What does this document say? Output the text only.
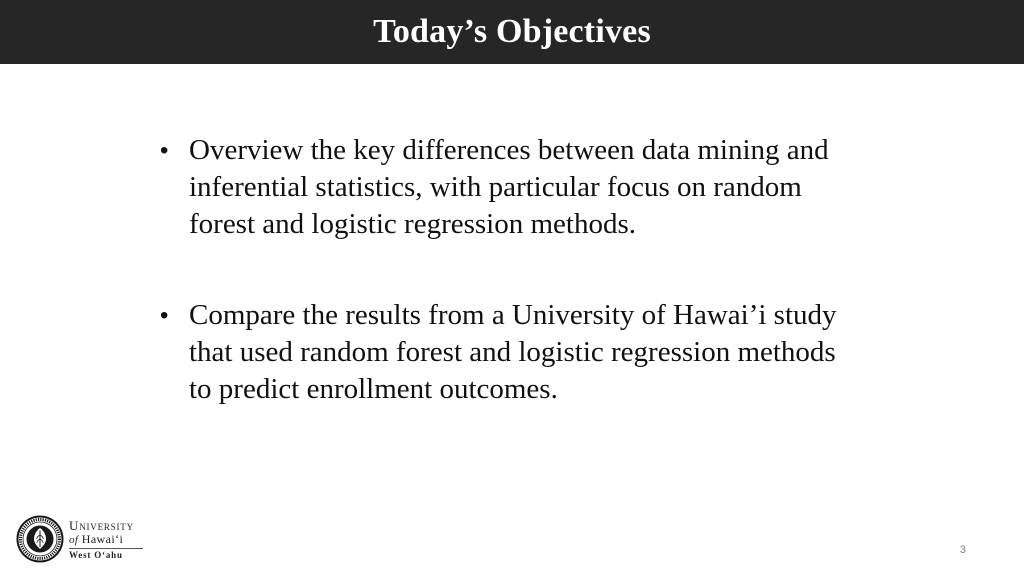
Today’s Objectives
• Overview the key differences between data mining and inferential statistics, with particular focus on random forest and logistic regression methods.
• Compare the results from a University of Hawai’i study that used random forest and logistic regression methods to predict enrollment outcomes.
University
of Hawai‘i
West O‘ahu	3
